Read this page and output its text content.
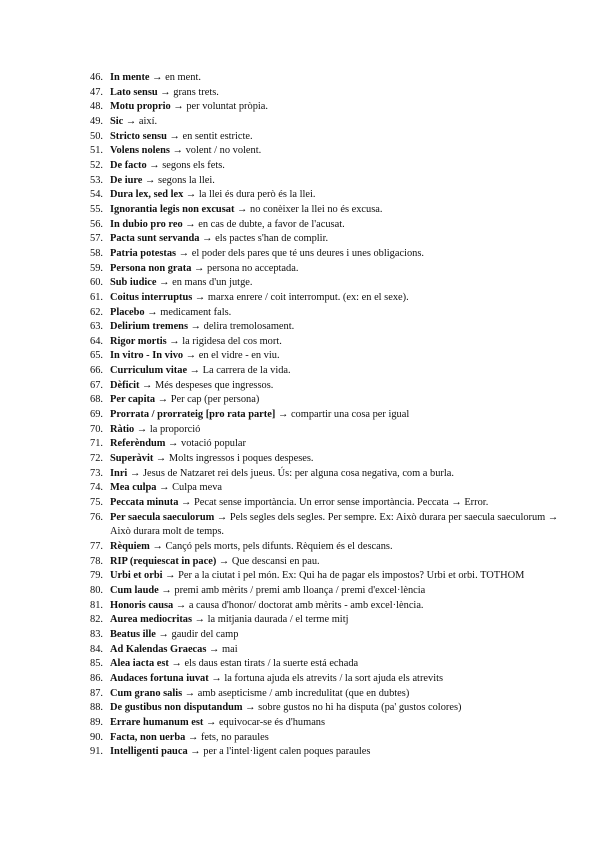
46. In mente → en ment.
47. Lato sensu → grans trets.
48. Motu proprio → per voluntat pròpia.
49. Sic → així.
50. Stricto sensu → en sentit estricte.
51. Volens nolens → volent / no volent.
52. De facto → segons els fets.
53. De iure → segons la llei.
54. Dura lex, sed lex → la llei és dura però és la llei.
55. Ignorantia legis non excusat → no conèixer la llei no és excusa.
56. In dubio pro reo → en cas de dubte, a favor de l'acusat.
57. Pacta sunt servanda → els pactes s'han de complir.
58. Patria potestas → el poder dels pares que té uns deures i unes obligacions.
59. Persona non grata → persona no acceptada.
60. Sub iudice → en mans d'un jutge.
61. Coitus interruptus → marxa enrere / coit interromput. (ex: en el sexe).
62. Placebo → medicament fals.
63. Delirium tremens → delira tremolosament.
64. Rigor mortis → la rigidesa del cos mort.
65. In vitro - In vivo → en el vidre - en viu.
66. Curriculum vitae → La carrera de la vida.
67. Dèficit → Més despeses que ingressos.
68. Per capita → Per cap (per persona)
69. Prorrata / prorrateig [pro rata parte] → compartir una cosa per igual
70. Ràtio → la proporció
71. Referèndum → votació popular
72. Superàvit → Molts ingressos i poques despeses.
73. Inri → Jesus de Natzaret rei dels jueus. Ús: per alguna cosa negativa, com a burla.
74. Mea culpa → Culpa meva
75. Peccata minuta → Pecat sense importància. Un error sense importància. Peccata → Error.
76. Per saecula saeculorum → Pels segles dels segles. Per sempre. Ex: Això durara per saecula saeculorum → Això durara molt de temps.
77. Rèquiem → Cançó pels morts, pels difunts. Rèquiem és el descans.
78. RIP (requiescat in pace) → Que descansi en pau.
79. Urbi et orbi → Per a la ciutat i pel món. Ex: Qui ha de pagar els impostos? Urbi et orbi. TOTHOM
80. Cum laude → premi amb mèrits / premi amb lloança / premi d'excel·lència
81. Honoris causa → a causa d'honor/ doctorat amb mèrits - amb excel·lència.
82. Aurea mediocritas → la mitjania daurada / el terme mitj
83. Beatus ille → gaudir del camp
84. Ad Kalendas Graecas → mai
85. Alea iacta est → els daus estan tirats / la suerte está echada
86. Audaces fortuna iuvat → la fortuna ajuda els atrevits / la sort ajuda els atrevits
87. Cum grano salis → amb asepticisme / amb incredulitat (que en dubtes)
88. De gustibus non disputandum → sobre gustos no hi ha disputa (pa' gustos colores)
89. Errare humanum est → equivocar-se és d'humans
90. Facta, non uerba → fets, no paraules
91. Intelligenti pauca → per a l'intel·ligent calen poques paraules
